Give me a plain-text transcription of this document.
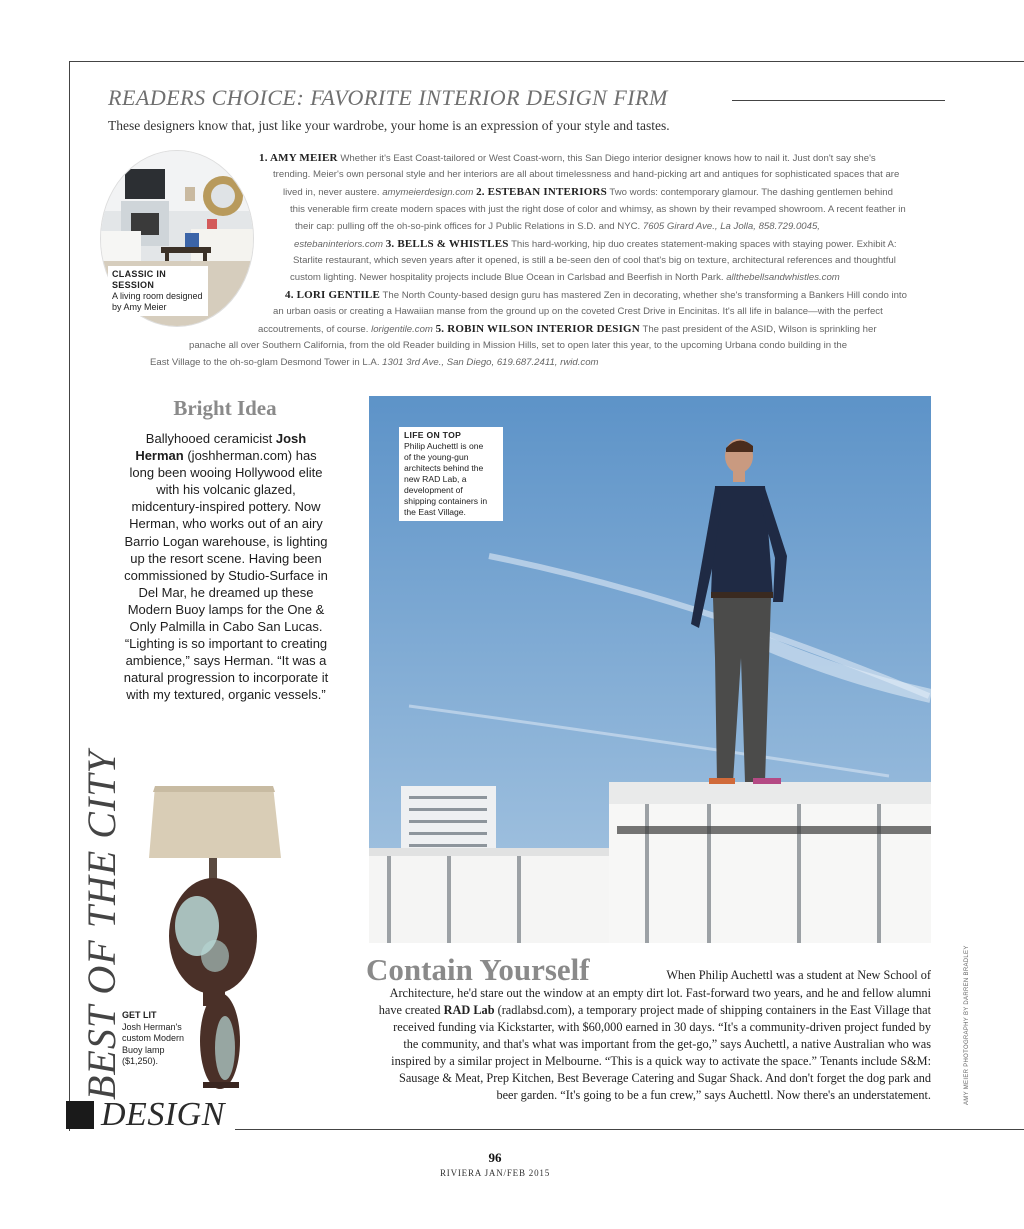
READERS CHOICE: FAVORITE INTERIOR DESIGN FIRM
These designers know that, just like your wardrobe, your home is an expression of your style and tastes.
CLASSIC IN SESSION
A living room designed
by Amy Meier
1. AMY MEIER Whether it's East Coast-tailored or West Coast-worn, this San Diego interior designer knows how to nail it. Just don't say she's
trending. Meier's own personal style and her interiors are all about timelessness and hand-picking art and antiques for sophisticated spaces that are
lived in, never austere. amymeierdesign.com 2. ESTEBAN INTERIORS Two words: contemporary glamour. The dashing gentlemen behind
this venerable firm create modern spaces with just the right dose of color and whimsy, as shown by their revamped showroom. A recent feather in
their cap: pulling off the oh-so-pink offices for J Public Relations in S.D. and NYC. 7605 Girard Ave., La Jolla, 858.729.0045,
estebaninteriors.com 3. BELLS & WHISTLES This hard-working, hip duo creates statement-making spaces with staying power. Exhibit A:
Starlite restaurant, which seven years after it opened, is still a be-seen den of cool that's big on texture, architectural references and thoughtful
custom lighting. Newer hospitality projects include Blue Ocean in Carlsbad and Beerfish in North Park. allthebellsandwhistles.com
4. LORI GENTILE The North County-based design guru has mastered Zen in decorating, whether she's transforming a Bankers Hill condo into
an urban oasis or creating a Hawaiian manse from the ground up on the coveted Crest Drive in Encinitas. It's all life in balance—with the perfect
accoutrements, of course. lorigentile.com 5. ROBIN WILSON INTERIOR DESIGN The past president of the ASID, Wilson is sprinkling her
panache all over Southern California, from the old Reader building in Mission Hills, set to open later this year, to the upcoming Urbana condo building in the
East Village to the oh-so-glam Desmond Tower in L.A. 1301 3rd Ave., San Diego, 619.687.2411, rwid.com
Bright Idea
Ballyhooed ceramicist Josh Herman (joshherman.com) has long been wooing Hollywood elite with his volcanic glazed, midcentury-inspired pottery. Now Herman, who works out of an airy Barrio Logan warehouse, is lighting up the resort scene. Having been commissioned by Studio-Surface in Del Mar, he dreamed up these Modern Buoy lamps for the One & Only Palmilla in Cabo San Lucas. “Lighting is so important to creating ambience,” says Herman. “It was a natural progression to incorporate it with my textured, organic vessels.”
GET LIT
Josh Herman's
custom Modern
Buoy lamp
($1,250).
BEST OF THE CITY
DESIGN
LIFE ON TOP
Philip Auchettl is one
of the young-gun
architects behind the
new RAD Lab, a
development of
shipping containers in
the East Village.
Contain Yourself	When Philip Auchettl was a student at New School of
Architecture, he'd stare out the window at an empty dirt lot. Fast-forward two years, and he and fellow alumni
have created RAD Lab (radlabsd.com), a temporary project made of shipping containers in the East Village that
received funding via Kickstarter, with $60,000 earned in 30 days. “It's a community-driven project funded by
the community, and that's what was important from the get-go,” says Auchettl, a native Australian who was
inspired by a similar project in Melbourne. “This is a quick way to activate the space.” Tenants include S&M:
Sausage & Meat, Prep Kitchen, Best Beverage Catering and Sugar Shack. And don't forget the dog park and
beer garden. “It's going to be a fun crew,” says Auchettl. Now there's an understatement.	AMY MEIER PHOTOGRAPHY BY DARREN BRADLEY
96
RIVIERA JAN/FEB 2015
